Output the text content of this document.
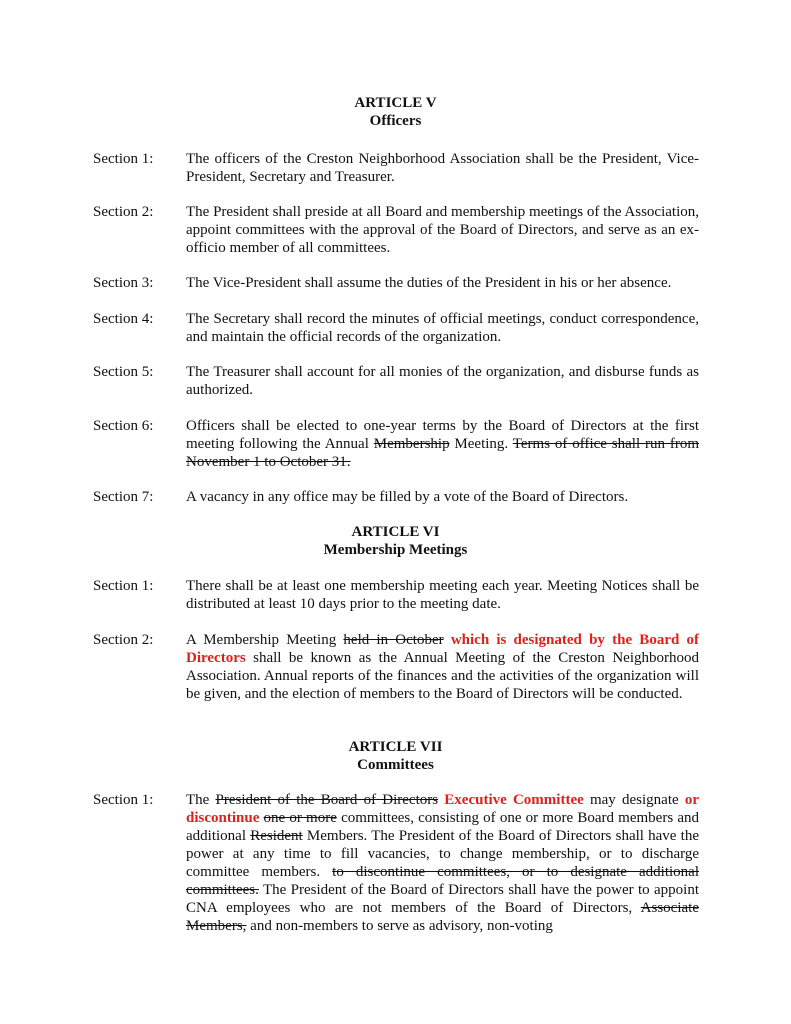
ARTICLE V
Officers
Section 1:	The officers of the Creston Neighborhood Association shall be the President, Vice-President, Secretary and Treasurer.
Section 2:	The President shall preside at all Board and membership meetings of the Association, appoint committees with the approval of the Board of Directors, and serve as an ex-officio member of all committees.
Section 3:	The Vice-President shall assume the duties of the President in his or her absence.
Section 4:	The Secretary shall record the minutes of official meetings, conduct correspondence, and maintain the official records of the organization.
Section 5:	The Treasurer shall account for all monies of the organization, and disburse funds as authorized.
Section 6:	Officers shall be elected to one-year terms by the Board of Directors at the first meeting following the Annual Membership Meeting. Terms of office shall run from November 1 to October 31.
Section 7:	A vacancy in any office may be filled by a vote of the Board of Directors.
ARTICLE VI
Membership Meetings
Section 1:	There shall be at least one membership meeting each year. Meeting Notices shall be distributed at least 10 days prior to the meeting date.
Section 2:	A Membership Meeting held in October which is designated by the Board of Directors shall be known as the Annual Meeting of the Creston Neighborhood Association. Annual reports of the finances and the activities of the organization will be given, and the election of members to the Board of Directors will be conducted.
ARTICLE VII
Committees
Section 1:	The President of the Board of Directors Executive Committee may designate or discontinue one or more committees, consisting of one or more Board members and additional Resident Members. The President of the Board of Directors shall have the power at any time to fill vacancies, to change membership, or to discharge committee members. to discontinue committees, or to designate additional committees. The President of the Board of Directors shall have the power to appoint CNA employees who are not members of the Board of Directors, Associate Members, and non-members to serve as advisory, non-voting
